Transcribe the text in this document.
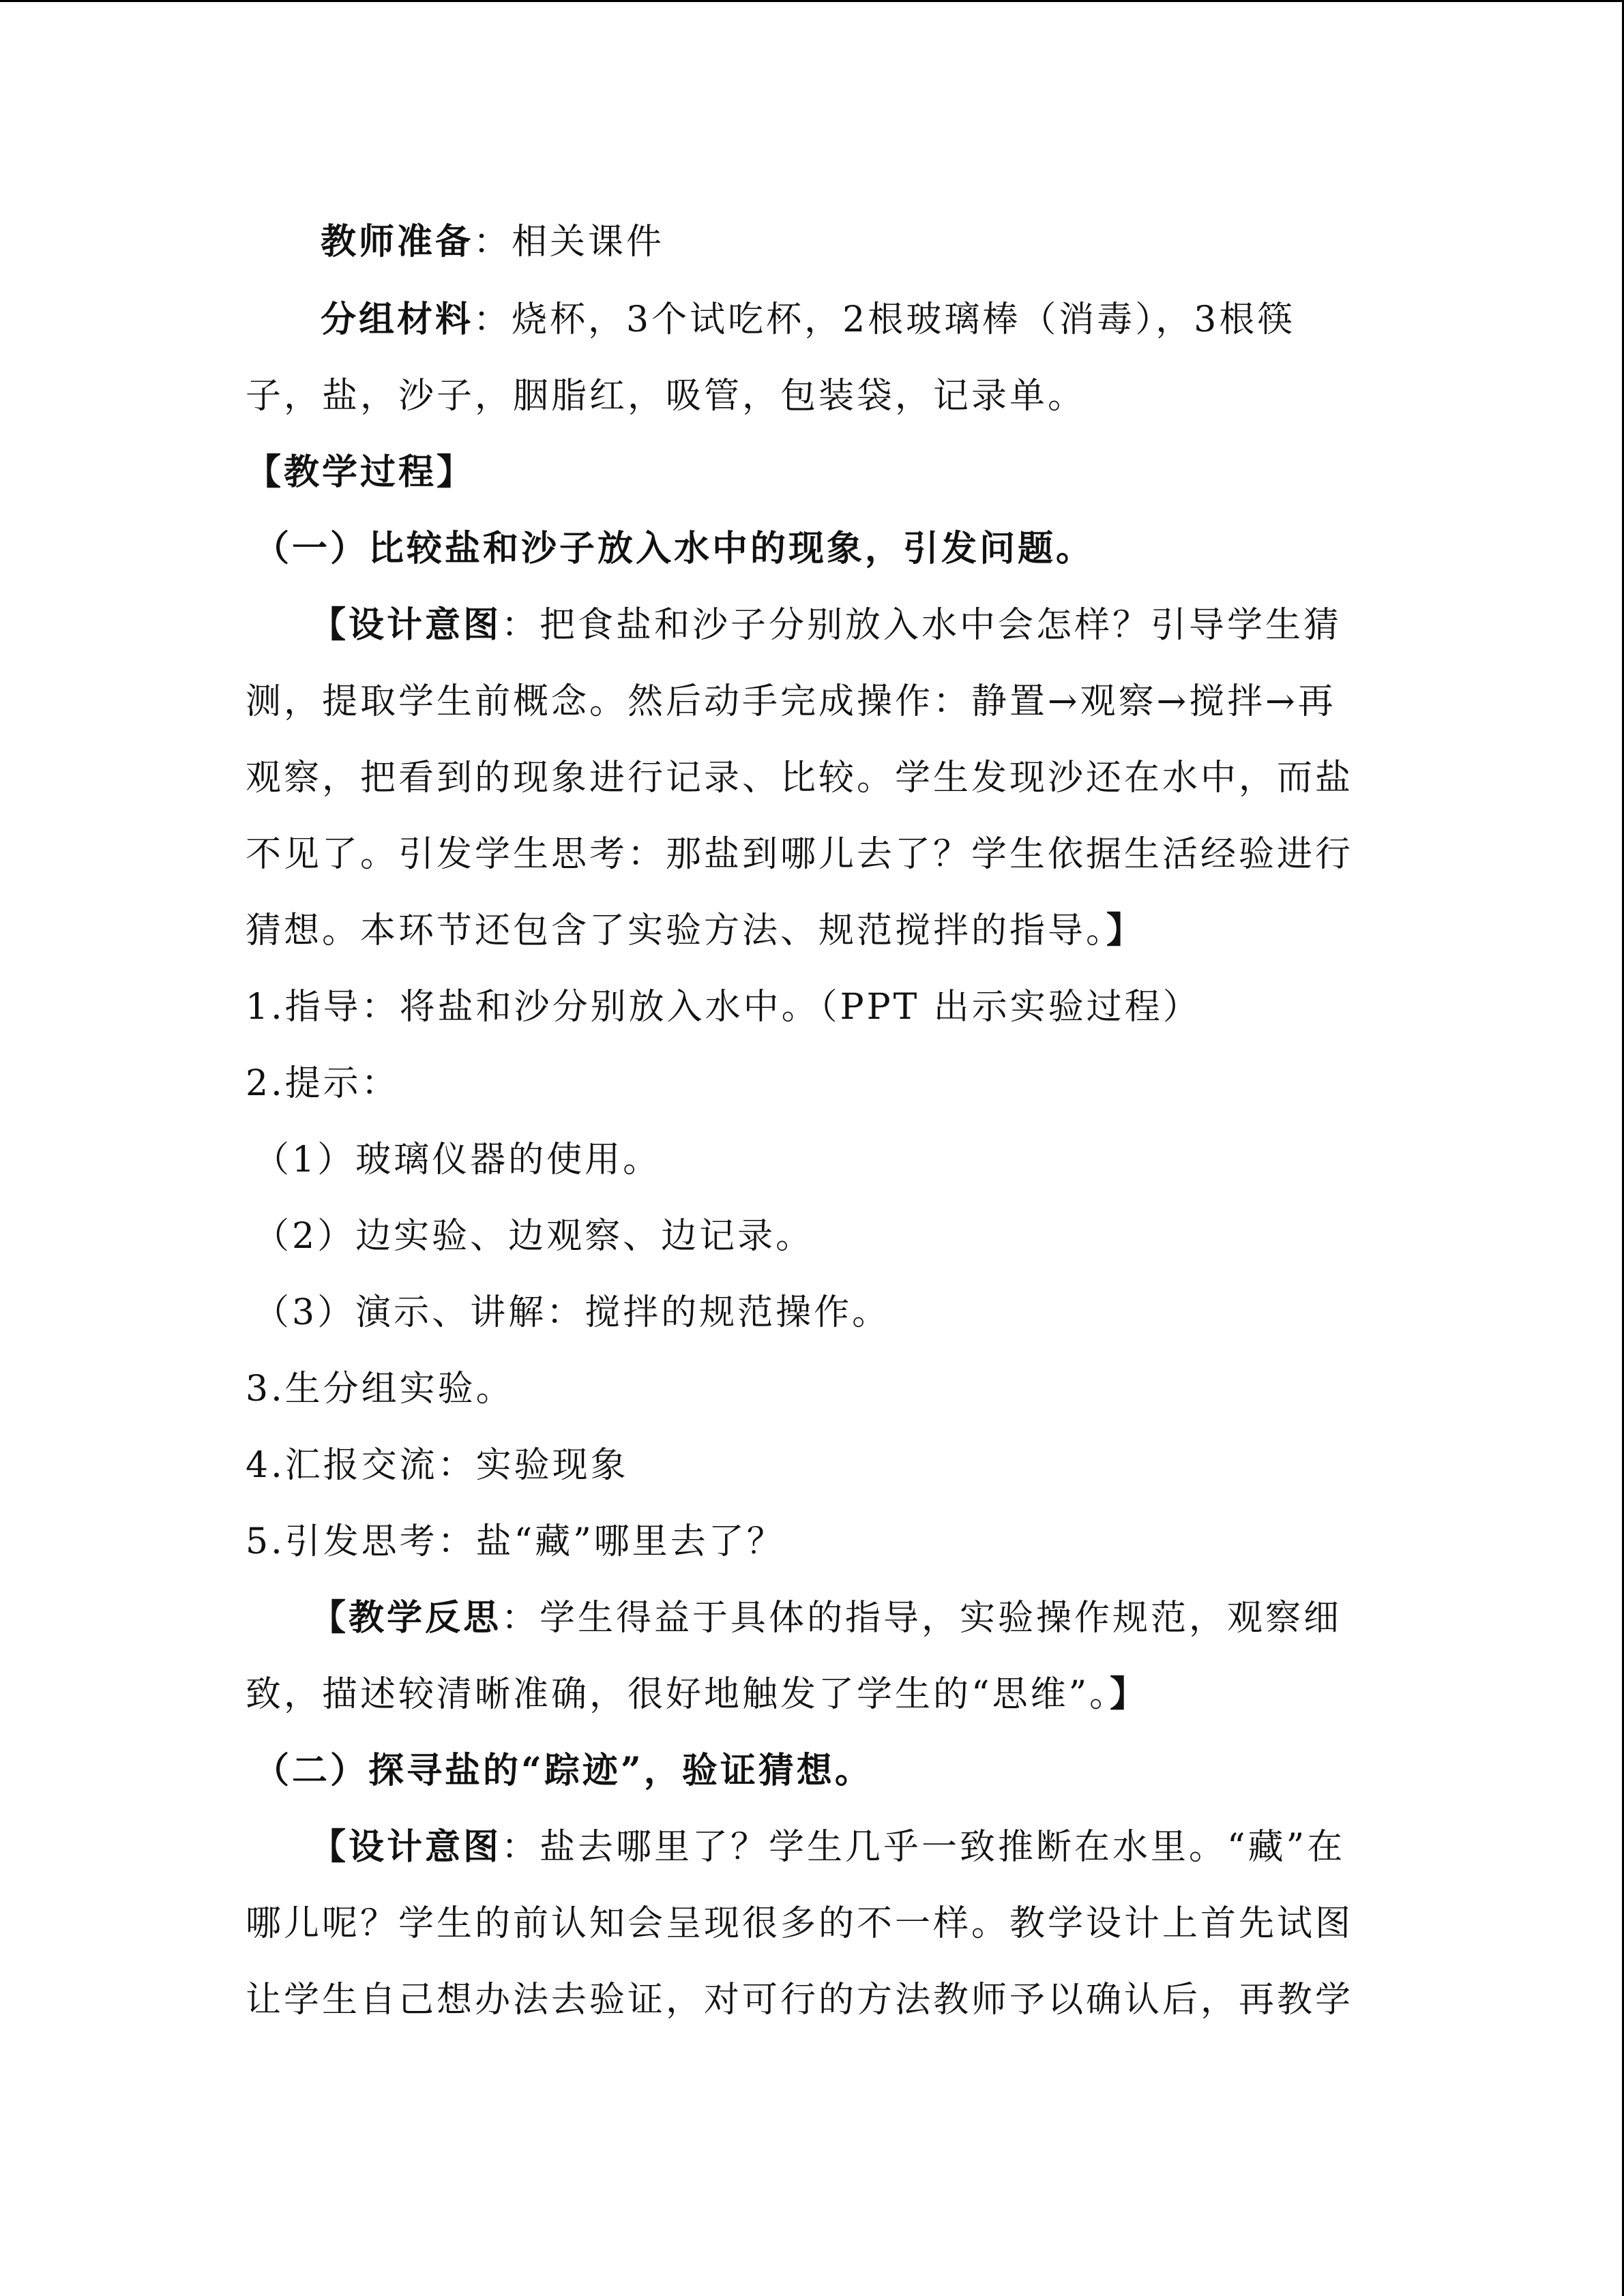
教师准备：相关课件
分组材料：烧杯，3个试吃杯，2根玻璃棒（消毒），3根筷
子，盐，沙子，胭脂红，吸管，包装袋，记录单。
【教学过程】
（一）比较盐和沙子放入水中的现象，引发问题。
【设计意图：把食盐和沙子分别放入水中会怎样？引导学生猜
测，提取学生前概念。然后动手完成操作：静置→观察→搅拌→再
观察，把看到的现象进行记录、比较。学生发现沙还在水中，而盐
不见了。引发学生思考：那盐到哪儿去了？学生依据生活经验进行
猜想。本环节还包含了实验方法、规范搅拌的指导。】
1.指导：将盐和沙分别放入水中。（PPT 出示实验过程）
2.提示：
（1）玻璃仪器的使用。
（2）边实验、边观察、边记录。
（3）演示、讲解：搅拌的规范操作。
3.生分组实验。
4.汇报交流：实验现象
5.引发思考：盐“藏”哪里去了？
【教学反思：学生得益于具体的指导，实验操作规范，观察细
致，描述较清晰准确，很好地触发了学生的“思维”。】
（二）探寻盐的“踪迹”，验证猜想。
【设计意图：盐去哪里了？学生几乎一致推断在水里。“藏”在
哪儿呢？学生的前认知会呈现很多的不一样。教学设计上首先试图
让学生自己想办法去验证，对可行的方法教师予以确认后，再教学
